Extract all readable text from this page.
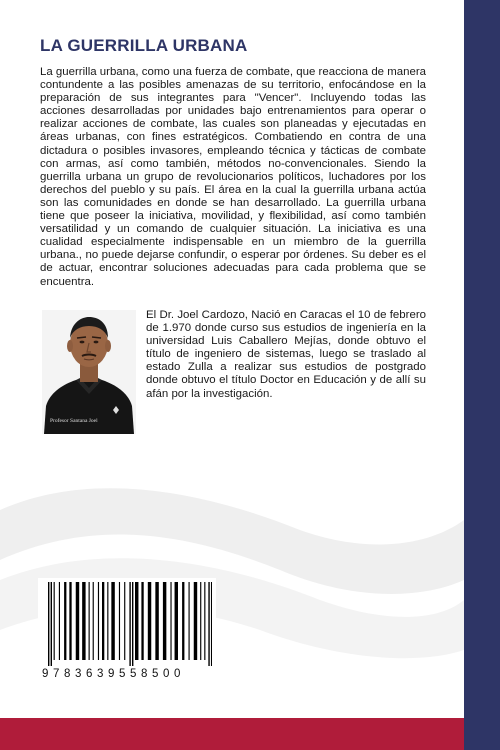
LA GUERRILLA URBANA

La guerrilla urbana, como una fuerza de combate, que reacciona de manera contundente a las posibles amenazas de su territorio, enfocándose en la preparación de sus integrantes para "Vencer". Incluyendo todas las acciones desarrolladas por unidades bajo entrenamientos para operar o realizar acciones de combate, las cuales son planeadas y ejecutadas en áreas urbanas, con fines estratégicos. Combatiendo en contra de una dictadura o posibles invasores, empleando técnica y tácticas de combate con armas, así como también, métodos no-convencionales. Siendo la guerrilla urbana un grupo de revolucionarios políticos, luchadores por los derechos del pueblo y su país. El área en la cual la guerrilla urbana actúa son las comunidades en donde se han desarrollado. La guerrilla urbana tiene que poseer la iniciativa, movilidad, y flexibilidad, así como también versatilidad y un comando de cualquier situación. La iniciativa es una cualidad especialmente indispensable en un miembro de la guerrilla urbana., no puede dejarse confundir, o esperar por órdenes. Su deber es el de actuar, encontrar soluciones adecuadas para cada problema que se encuentra.

Profesor Santana Joel

El Dr. Joel Cardozo, Nació en Caracas el 10 de febrero de 1.970 donde curso sus estudios de ingeniería en la universidad Luis Caballero Mejías, donde obtuvo el título de ingeniero de sistemas, luego se traslado al estado Zulla a realizar sus estudios de postgrado donde obtuvo el título Doctor en Educación y de allí su afán por la investigación.

9783639558500
